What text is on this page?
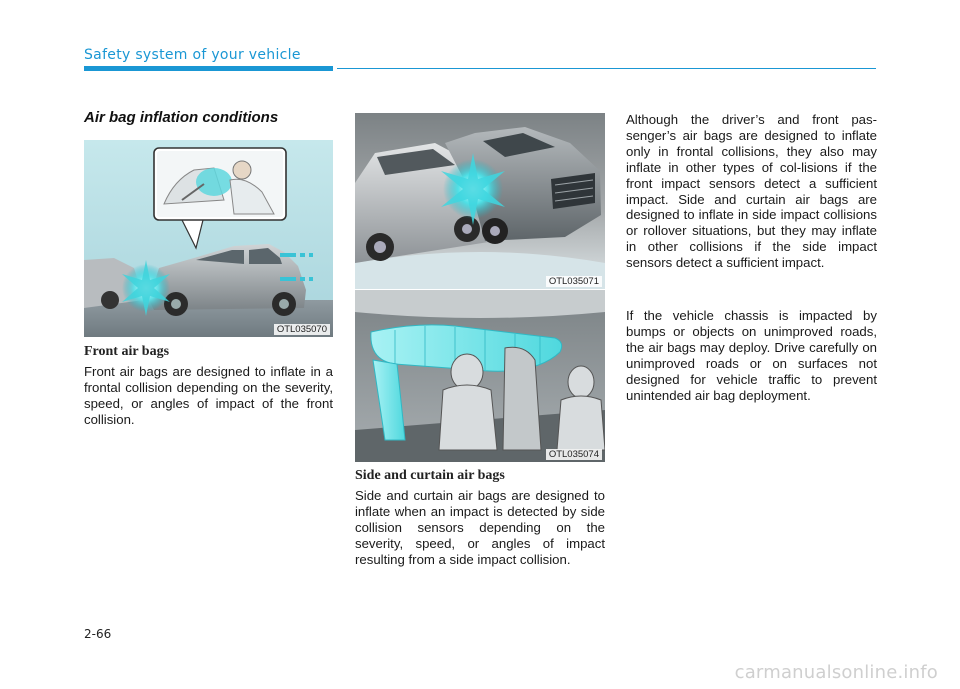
Safety system of your vehicle
Air bag inflation conditions
OTL035070
Front air bags

Front air bags are designed to inflate in a frontal collision depending on the severity, speed, or angles of impact of the front collision.

OTL035071
OTL035074
Side and curtain air bags

Side and curtain air bags are designed to inflate when an impact is detected by side collision sensors depending on the severity, speed, or angles of impact resulting from a side impact collision.

Although the driver’s and front pas-senger’s air bags are designed to inflate only in frontal collisions, they also may inflate in other types of col-lisions if the front impact sensors detect a sufficient impact. Side and curtain air bags are designed to inflate in side impact collisions or rollover situations, but they may inflate in other collisions if the side impact sensors detect a sufficient impact.

If the vehicle chassis is impacted by bumps or objects on unimproved roads, the air bags may deploy. Drive carefully on unimproved roads or on surfaces not designed for vehicle traffic to prevent unintended air bag deployment.

2-66
carmanualsonline.info
